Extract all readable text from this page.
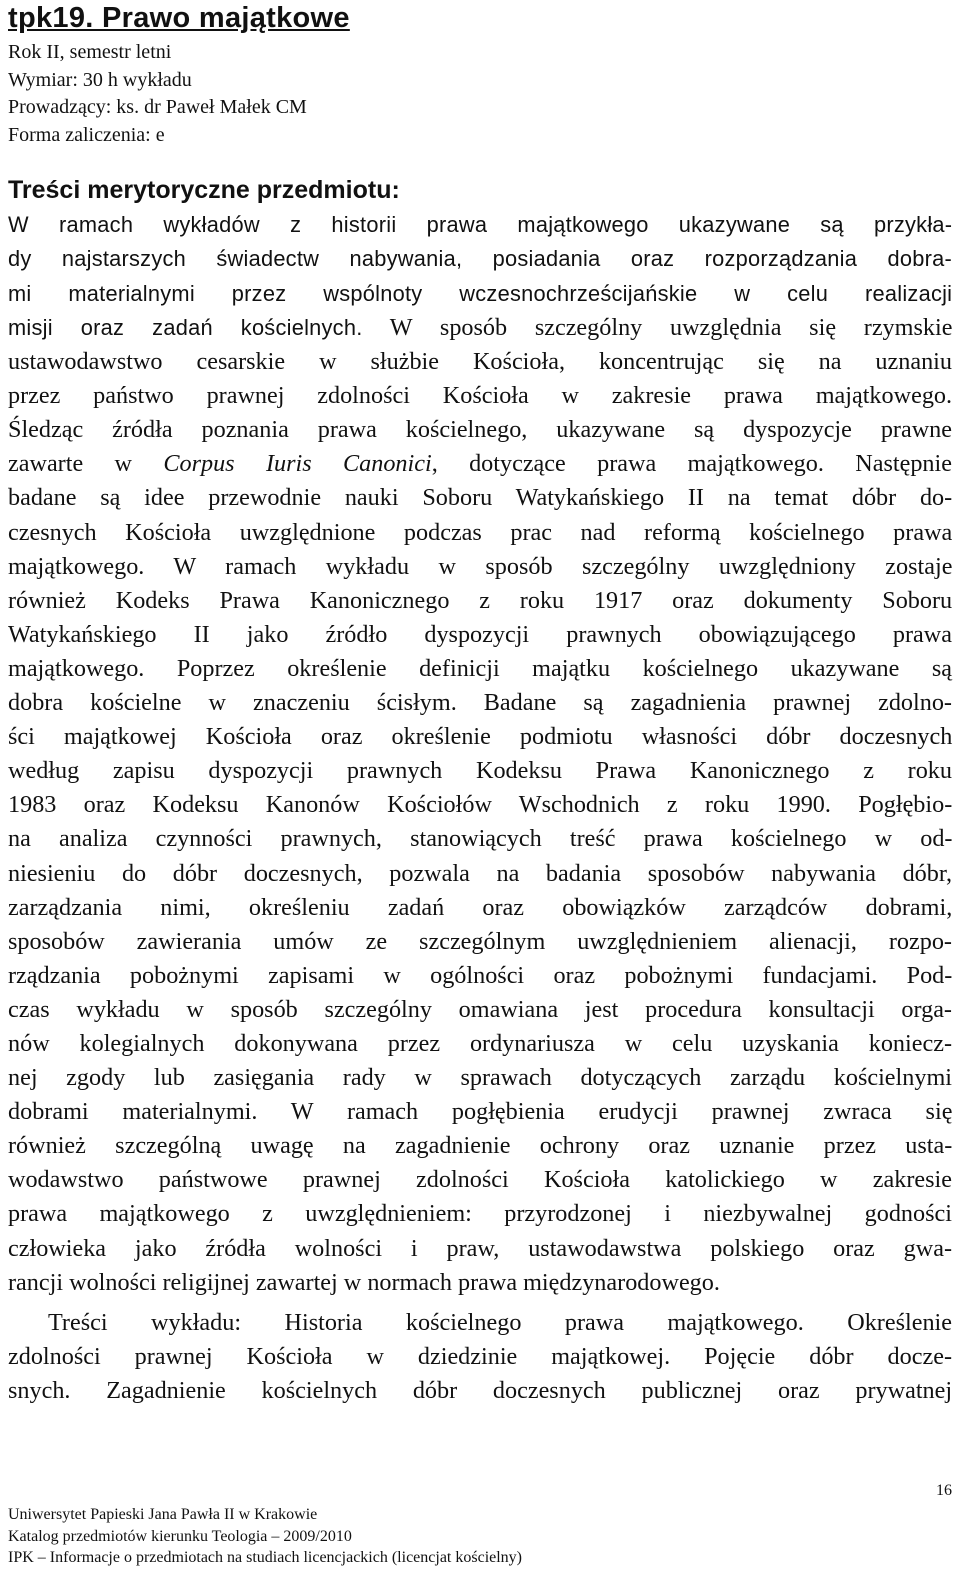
tpk19. Prawo majątkowe
Rok II, semestr letni
Wymiar: 30 h wykładu
Prowadzący: ks. dr Paweł Małek CM
Forma zaliczenia: e
Treści merytoryczne przedmiotu:
W ramach wykładów z historii prawa majątkowego ukazywane są przykła-
dy najstarszych świadectw nabywania, posiadania oraz rozporządzania dobra-
mi materialnymi przez wspólnoty wczesnochrześcijańskie w celu realizacji
misji oraz zadań kościelnych. W sposób szczególny uwzględnia się rzymskie
ustawodawstwo cesarskie w służbie Kościoła, koncentrując się na uznaniu
przez państwo prawnej zdolności Kościoła w zakresie prawa majątkowego.
Śledząc źródła poznania prawa kościelnego, ukazywane są dyspozycje prawne
zawarte w Corpus Iuris Canonici, dotyczące prawa majątkowego. Następnie
badane są idee przewodnie nauki Soboru Watykańskiego II na temat dóbr do-
czesnych Kościoła uwzględnione podczas prac nad reformą kościelnego prawa
majątkowego. W ramach wykładu w sposób szczególny uwzględniony zostaje
również Kodeks Prawa Kanonicznego z roku 1917 oraz dokumenty Soboru
Watykańskiego II jako źródło dyspozycji prawnych obowiązującego prawa
majątkowego. Poprzez określenie definicji majątku kościelnego ukazywane są
dobra kościelne w znaczeniu ścisłym. Badane są zagadnienia prawnej zdolno-
ści majątkowej Kościoła oraz określenie podmiotu własności dóbr doczesnych
według zapisu dyspozycji prawnych Kodeksu Prawa Kanonicznego z roku
1983 oraz Kodeksu Kanonów Kościołów Wschodnich z roku 1990. Pogłębio-
na analiza czynności prawnych, stanowiących treść prawa kościelnego w od-
niesieniu do dóbr doczesnych, pozwala na badania sposobów nabywania dóbr,
zarządzania nimi, określeniu zadań oraz obowiązków zarządców dobrami,
sposobów zawierania umów ze szczególnym uwzględnieniem alienacji, rozpo-
rządzania pobożnymi zapisami w ogólności oraz pobożnymi fundacjami. Pod-
czas wykładu w sposób szczególny omawiana jest procedura konsultacji orga-
nów kolegialnych dokonywana przez ordynariusza w celu uzyskania koniecz-
nej zgody lub zasięgania rady w sprawach dotyczących zarządu kościelnymi
dobrami materialnymi. W ramach pogłębienia erudycji prawnej zwraca się
również szczególną uwagę na zagadnienie ochrony oraz uznanie przez usta-
wodawstwo państwowe prawnej zdolności Kościoła katolickiego w zakresie
prawa majątkowego z uwzględnieniem: przyrodzonej i niezbywalnej godności
człowieka jako źródła wolności i praw, ustawodawstwa polskiego oraz gwa-
rancji wolności religijnej zawartej w normach prawa międzynarodowego.
Treści wykładu: Historia kościelnego prawa majątkowego. Określenie
zdolności prawnej Kościoła w dziedzinie majątkowej. Pojęcie dóbr docze-
snych. Zagadnienie kościelnych dóbr doczesnych publicznej oraz prywatnej
16
Uniwersytet Papieski Jana Pawła II w Krakowie
Katalog przedmiotów kierunku Teologia – 2009/2010
IPK – Informacje o przedmiotach na studiach licencjackich (licencjat kościelny)
